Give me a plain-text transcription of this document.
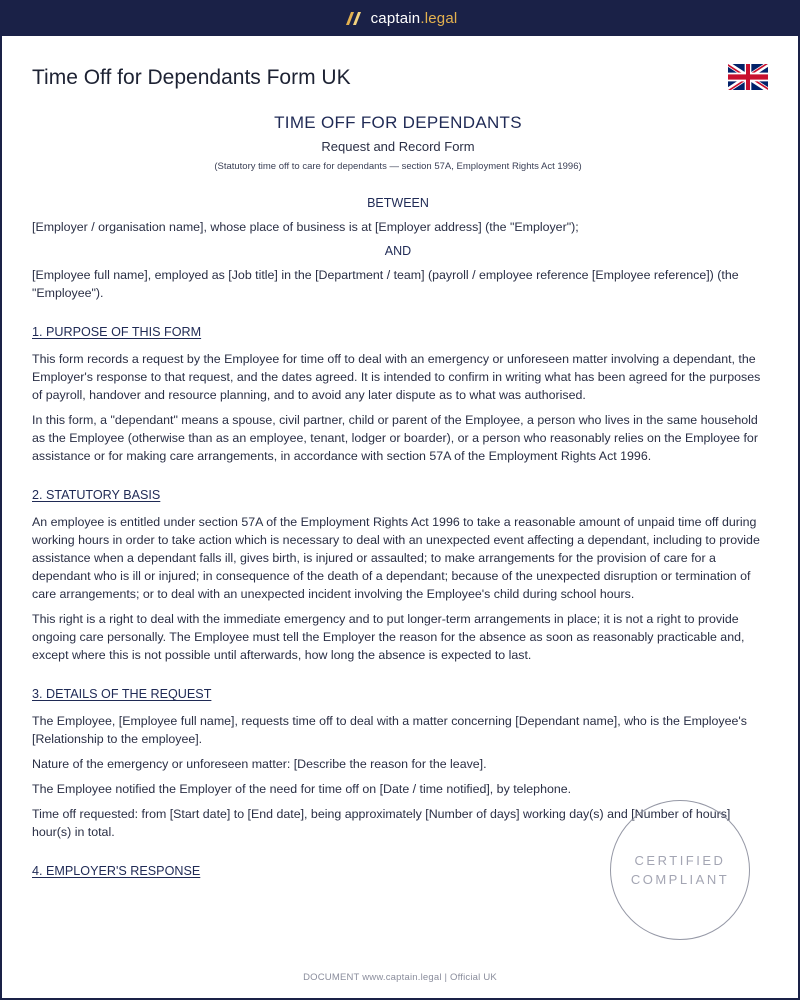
captain.legal
Time Off for Dependants Form UK
TIME OFF FOR DEPENDANTS
Request and Record Form
(Statutory time off to care for dependants — section 57A, Employment Rights Act 1996)
BETWEEN

[Employer / organisation name], whose place of business is at [Employer address] (the "Employer");

AND

[Employee full name], employed as [Job title] in the [Department / team] (payroll / employee reference [Employee reference]) (the "Employee").

1. PURPOSE OF THIS FORM

This form records a request by the Employee for time off to deal with an emergency or unforeseen matter involving a dependant, the Employer's response to that request, and the dates agreed. It is intended to confirm in writing what has been agreed for the purposes of payroll, handover and resource planning, and to avoid any later dispute as to what was authorised.

In this form, a "dependant" means a spouse, civil partner, child or parent of the Employee, a person who lives in the same household as the Employee (otherwise than as an employee, tenant, lodger or boarder), or a person who reasonably relies on the Employee for assistance or for making care arrangements, in accordance with section 57A of the Employment Rights Act 1996.

2. STATUTORY BASIS

An employee is entitled under section 57A of the Employment Rights Act 1996 to take a reasonable amount of unpaid time off during working hours in order to take action which is necessary to deal with an unexpected event affecting a dependant, including to provide assistance when a dependant falls ill, gives birth, is injured or assaulted; to make arrangements for the provision of care for a dependant who is ill or injured; in consequence of the death of a dependant; because of the unexpected disruption or termination of care arrangements; or to deal with an unexpected incident involving the Employee's child during school hours.

This right is a right to deal with the immediate emergency and to put longer-term arrangements in place; it is not a right to provide ongoing care personally. The Employee must tell the Employer the reason for the absence as soon as reasonably practicable and, except where this is not possible until afterwards, how long the absence is expected to last.

3. DETAILS OF THE REQUEST

The Employee, [Employee full name], requests time off to deal with a matter concerning [Dependant name], who is the Employee's [Relationship to the employee].

Nature of the emergency or unforeseen matter: [Describe the reason for the leave].

The Employee notified the Employer of the need for time off on [Date / time notified], by telephone.

Time off requested: from [Start date] to [End date], being approximately [Number of days] working day(s) and [Number of hours] hour(s) in total.

4. EMPLOYER'S RESPONSE
CERTIFIED
COMPLIANT
DOCUMENT www.captain.legal | Official UK
